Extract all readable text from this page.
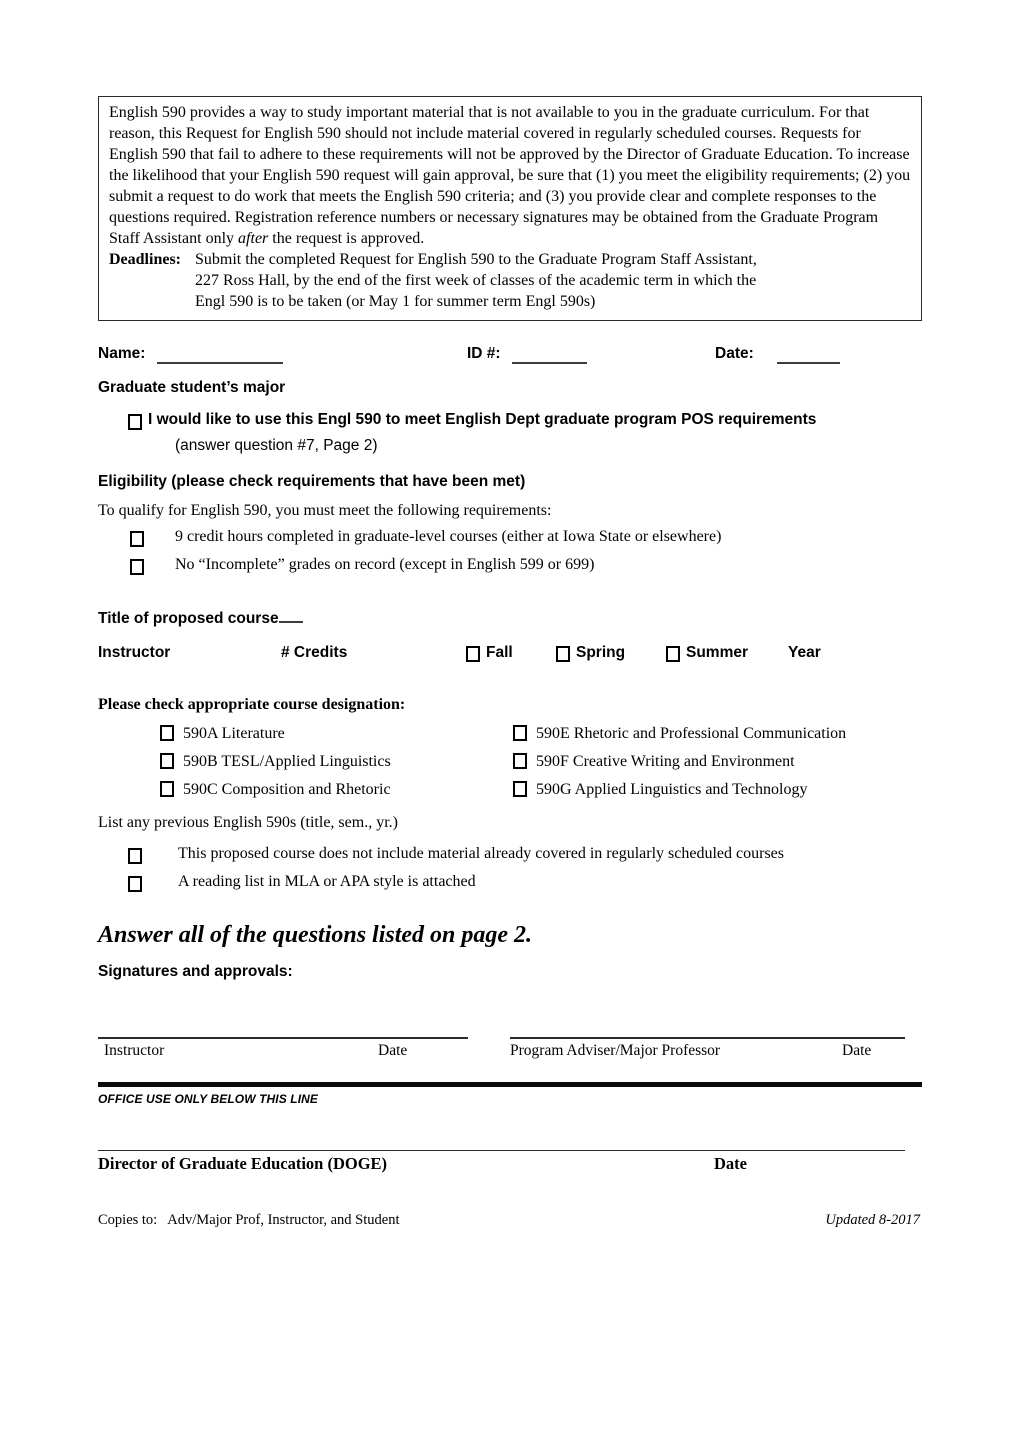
English 590 provides a way to study important material that is not available to you in the graduate curriculum. For that reason, this Request for English 590 should not include material covered in regularly scheduled courses. Requests for English 590 that fail to adhere to these requirements will not be approved by the Director of Graduate Education. To increase the likelihood that your English 590 request will gain approval, be sure that (1) you meet the eligibility requirements; (2) you submit a request to do work that meets the English 590 criteria; and (3) you provide clear and complete responses to the questions required. Registration reference numbers or necessary signatures may be obtained from the Graduate Program Staff Assistant only after the request is approved.

Deadlines: Submit the completed Request for English 590 to the Graduate Program Staff Assistant,
227 Ross Hall, by the end of the first week of classes of the academic term in which the
Engl 590 is to be taken (or May 1 for summer term Engl 590s)
Name:	ID #:	Date:
Graduate student’s major
I would like to use this Engl 590 to meet English Dept graduate program POS requirements
(answer question #7, Page 2)
Eligibility (please check requirements that have been met)
To qualify for English 590, you must meet the following requirements:
9 credit hours completed in graduate-level courses (either at Iowa State or elsewhere)
No “Incomplete” grades on record (except in English 599 or 699)
Title of proposed course
Instructor	# Credits	Fall	Spring	Summer	Year
Please check appropriate course designation:
590A Literature	590E Rhetoric and Professional Communication
590B TESL/Applied Linguistics	590F Creative Writing and Environment
590C Composition and Rhetoric	590G Applied Linguistics and Technology
List any previous English 590s (title, sem., yr.)
This proposed course does not include material already covered in regularly scheduled courses
A reading list in MLA or APA style is attached
Answer all of the questions listed on page 2.
Signatures and approvals:
Instructor	Date	Program Adviser/Major Professor	Date
OFFICE USE ONLY BELOW THIS LINE
Director of Graduate Education (DOGE)	Date
Copies to:   Adv/Major Prof, Instructor, and Student	Updated 8-2017
